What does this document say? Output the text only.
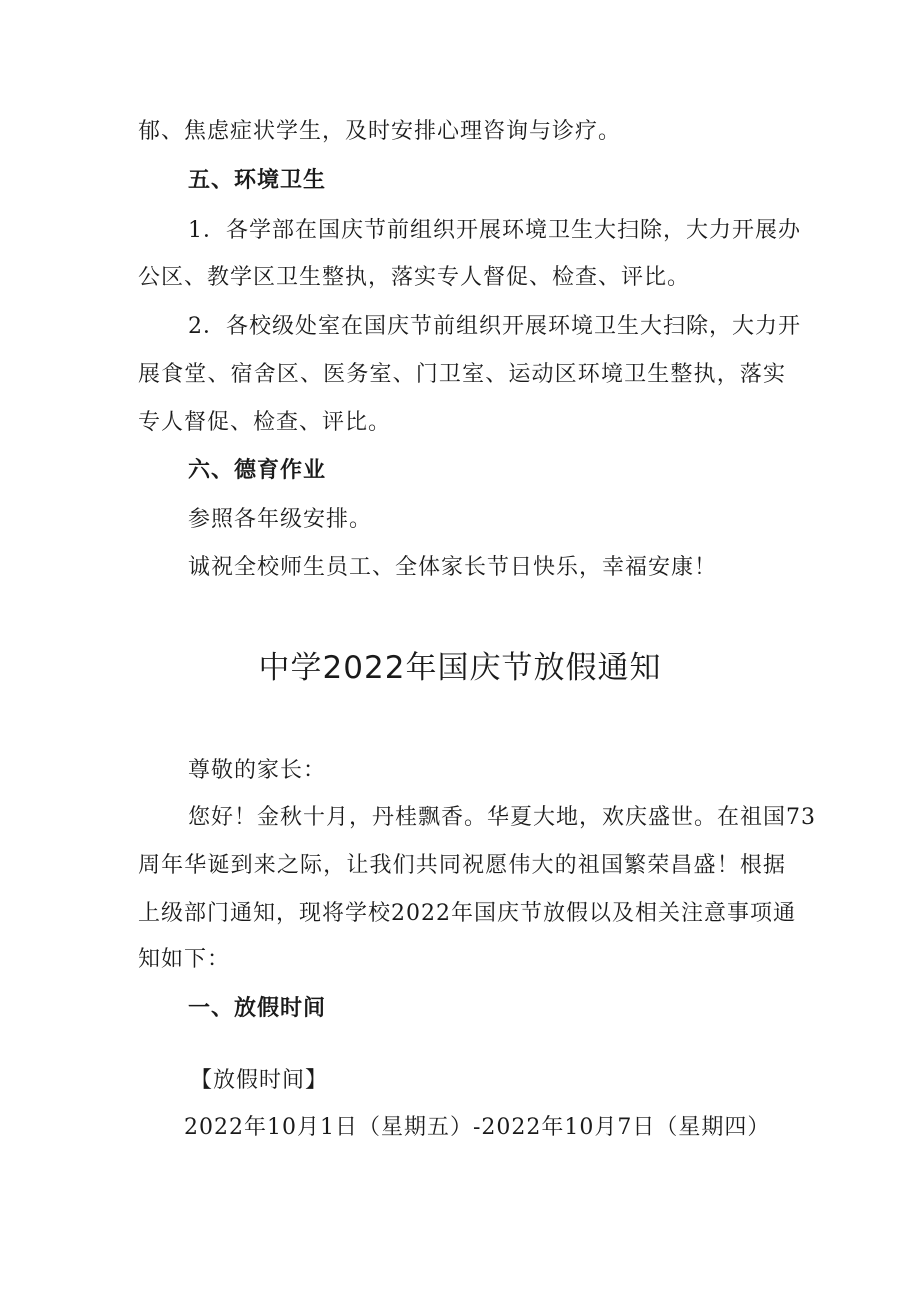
郁、焦虑症状学生，及时安排心理咨询与诊疗。
五、环境卫生
1．各学部在国庆节前组织开展环境卫生大扫除，大力开展办
公区、教学区卫生整执，落实专人督促、检查、评比。
2．各校级处室在国庆节前组织开展环境卫生大扫除，大力开
展食堂、宿舍区、医务室、门卫室、运动区环境卫生整执，落实
专人督促、检查、评比。
六、德育作业
参照各年级安排。
诚祝全校师生员工、全体家长节日快乐，幸福安康！
中学2022年国庆节放假通知
尊敬的家长：
您好！金秋十月，丹桂飘香。华夏大地，欢庆盛世。在祖国73
周年华诞到来之际，让我们共同祝愿伟大的祖国繁荣昌盛！根据
上级部门通知，现将学校2022年国庆节放假以及相关注意事项通
知如下：
一、放假时间
【放假时间】
2022年10月1日（星期五）-2022年10月7日（星期四）
